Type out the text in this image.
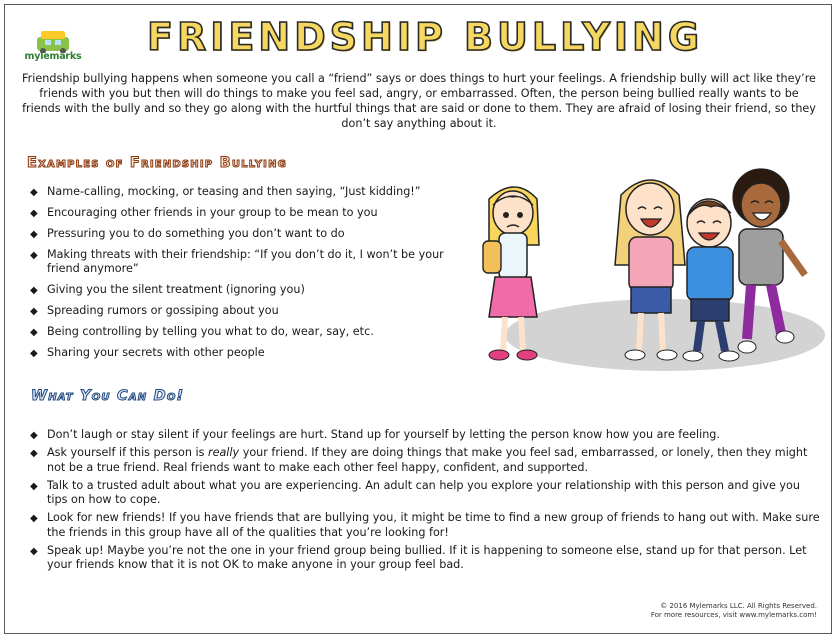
mylemarks FRIENDSHIP BULLYING
Friendship bullying happens when someone you call a “friend” says or does things to hurt your feelings. A friendship bully will act like they’re friends with you but then will do things to make you feel sad, angry, or embarrassed. Often, the person being bullied really wants to be friends with the bully and so they go along with the hurtful things that are said or done to them. They are afraid of losing their friend, so they don’t say anything about it.
Examples of Friendship Bullying
◆ Name-calling, mocking, or teasing and then saying, “Just kidding!”
◆ Encouraging other friends in your group to be mean to you
◆ Pressuring you to do something you don’t want to do
◆ Making threats with their friendship: “If you don’t do it, I won’t be your friend anymore”
◆ Giving you the silent treatment (ignoring you)
◆ Spreading rumors or gossiping about you
◆ Being controlling by telling you what to do, wear, say, etc.
◆ Sharing your secrets with other people
What You Can Do!
◆ Don’t laugh or stay silent if your feelings are hurt. Stand up for yourself by letting the person know how you are feeling.
◆ Ask yourself if this person is really your friend. If they are doing things that make you feel sad, embarrassed, or lonely, then they might not be a true friend. Real friends want to make each other feel happy, confident, and supported.
◆ Talk to a trusted adult about what you are experiencing. An adult can help you explore your relationship with this person and give you tips on how to cope.
◆ Look for new friends! If you have friends that are bullying you, it might be time to find a new group of friends to hang out with. Make sure the friends in this group have all of the qualities that you’re looking for!
◆ Speak up! Maybe you’re not the one in your friend group being bullied. If it is happening to someone else, stand up for that person. Let your friends know that it is not OK to make anyone in your group feel bad.
© 2016 Mylemarks LLC. All Rights Reserved.
For more resources, visit www.mylemarks.com!
